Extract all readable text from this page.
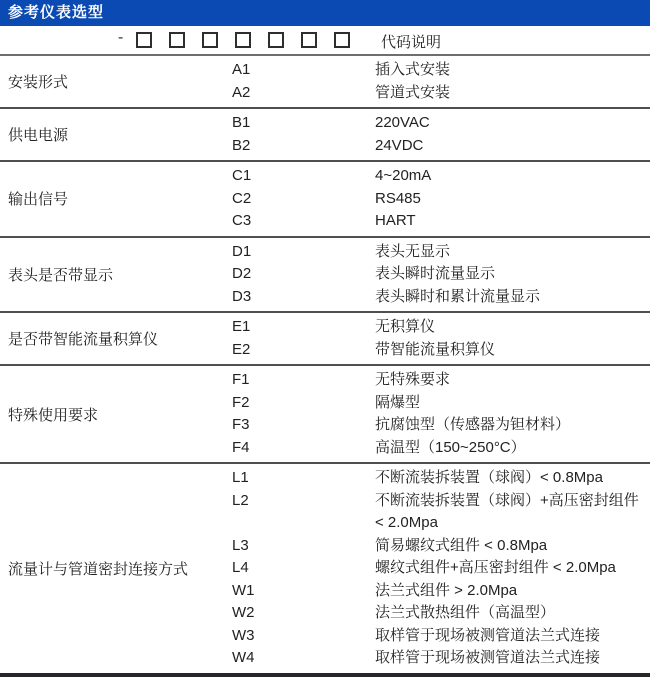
参考仪表选型
-	代码说明
安装形式
A1	插入式安装
A2	管道式安装
供电电源
B1	220VAC
B2	24VDC
输出信号
C1	4~20mA
C2	RS485
C3	HART
表头是否带显示
D1	表头无显示
D2	表头瞬时流量显示
D3	表头瞬时和累计流量显示
是否带智能流量积算仪
E1	无积算仪
E2	带智能流量积算仪
特殊使用要求
F1	无特殊要求
F2	隔爆型
F3	抗腐蚀型（传感器为钽材料）
F4	高温型（150~250°C）
流量计与管道密封连接方式
L1	不断流装拆装置（球阀）< 0.8Mpa
L2	不断流装拆装置（球阀）+高压密封组件 < 2.0Mpa
L3	简易螺纹式组件 < 0.8Mpa
L4	螺纹式组件+高压密封组件 < 2.0Mpa
W1	法兰式组件 > 2.0Mpa
W2	法兰式散热组件（高温型）
W3	取样管于现场被测管道法兰式连接
W4	取样管于现场被测管道法兰式连接
